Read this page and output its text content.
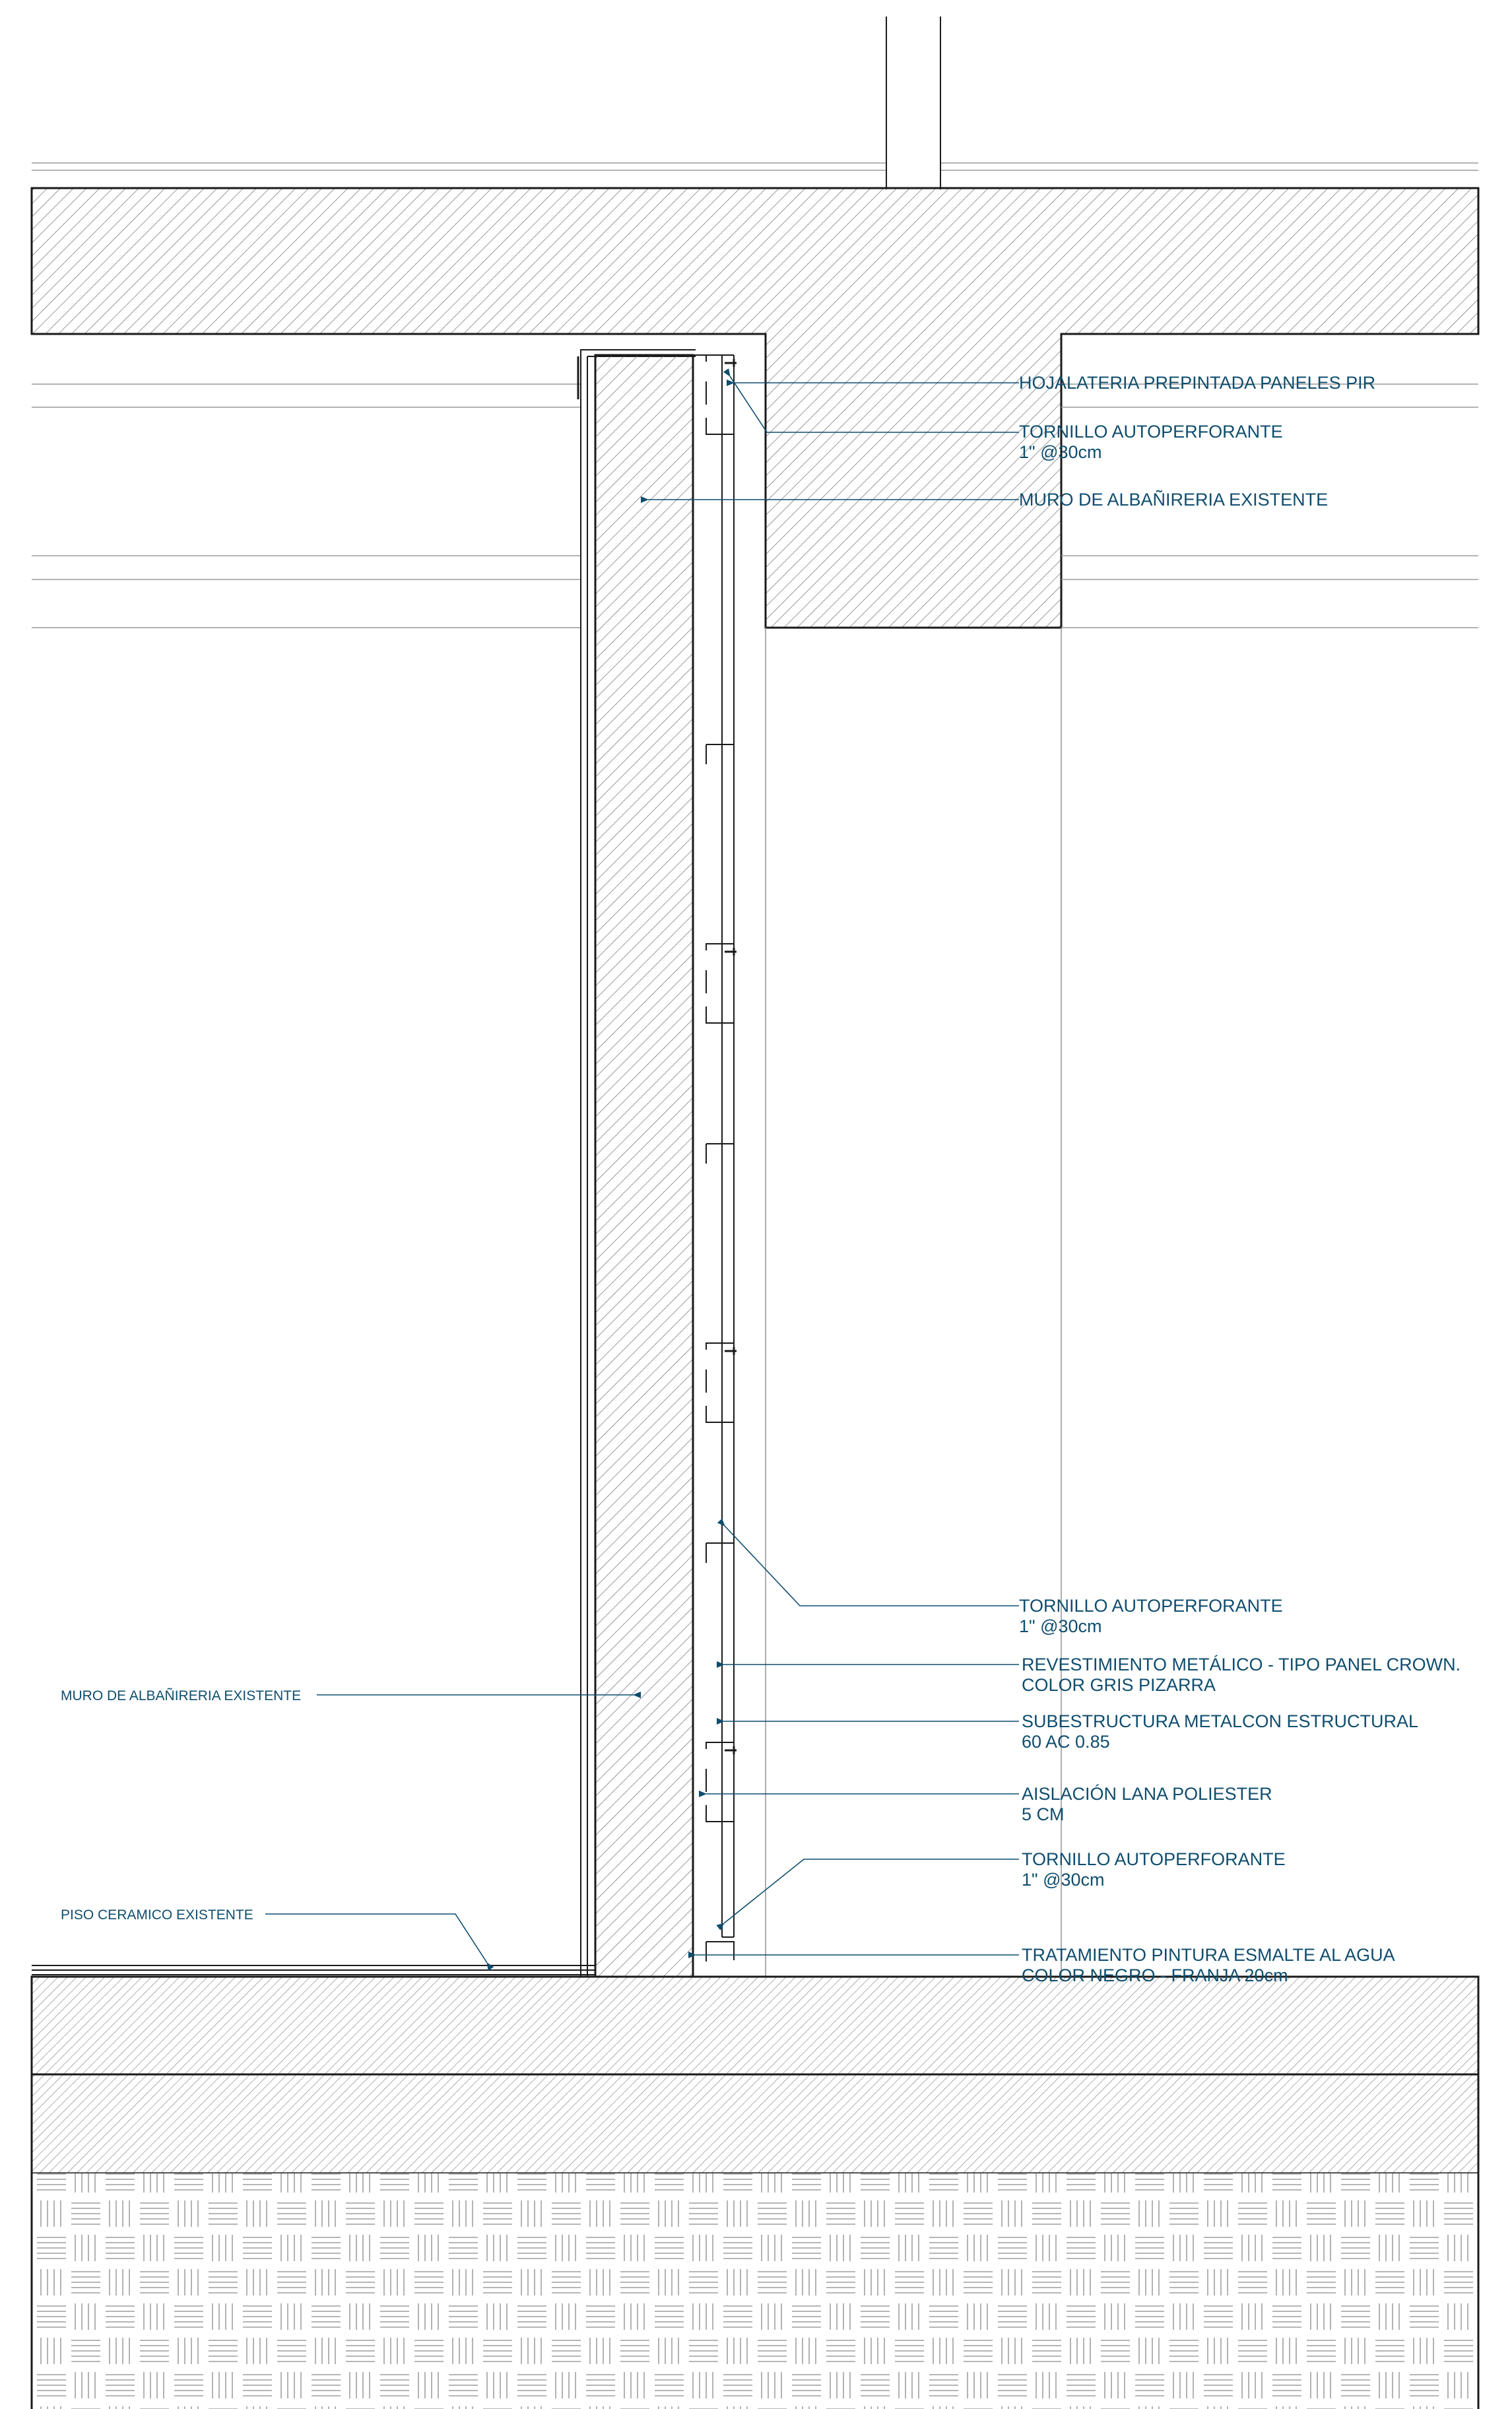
HOJALATERIA PREPINTADA PANELES PIR
TORNILLO AUTOPERFORANTE 1" @30cm
MURO DE ALBAÑIRERIA EXISTENTE
TORNILLO AUTOPERFORANTE 1" @30cm
REVESTIMIENTO METÁLICO - TIPO PANEL CROWN. COLOR GRIS PIZARRA
SUBESTRUCTURA METALCON ESTRUCTURAL 60 AC 0.85
AISLACIÓN LANA POLIESTER 5 CM
TORNILLO AUTOPERFORANTE 1" @30cm
TRATAMIENTO PINTURA ESMALTE AL AGUA COLOR NEGRO - FRANJA 20cm
MURO DE ALBAÑIRERIA EXISTENTE
PISO CERAMICO EXISTENTE
